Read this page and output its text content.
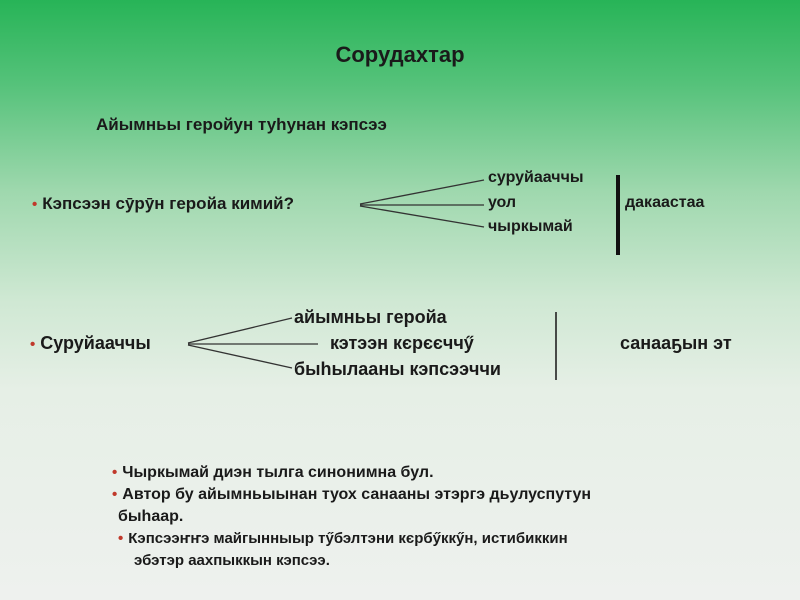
Сорудахтар
Айымньы геройун туһунан кэпсээ
• Кэпсээн сӯрӯн геройа кимий?
суруйааччы
уол
чыркымай
дакаастаа
• Суруйааччы
айымньы геройа
кэтээн кєрєєччӳ
быһылааны кэпсээччи
санааҕын эт
• Чыркымай диэн тылга синонимна бул.
• Автор бу айымньыынан туох санааны этэргэ дьулуспутун
быһаар.
• Кэпсээҥҥэ майгынныыр тӳбэлтэни кєрбӳккӳн, истибиккин
эбэтэр аахпыккын кэпсээ.
